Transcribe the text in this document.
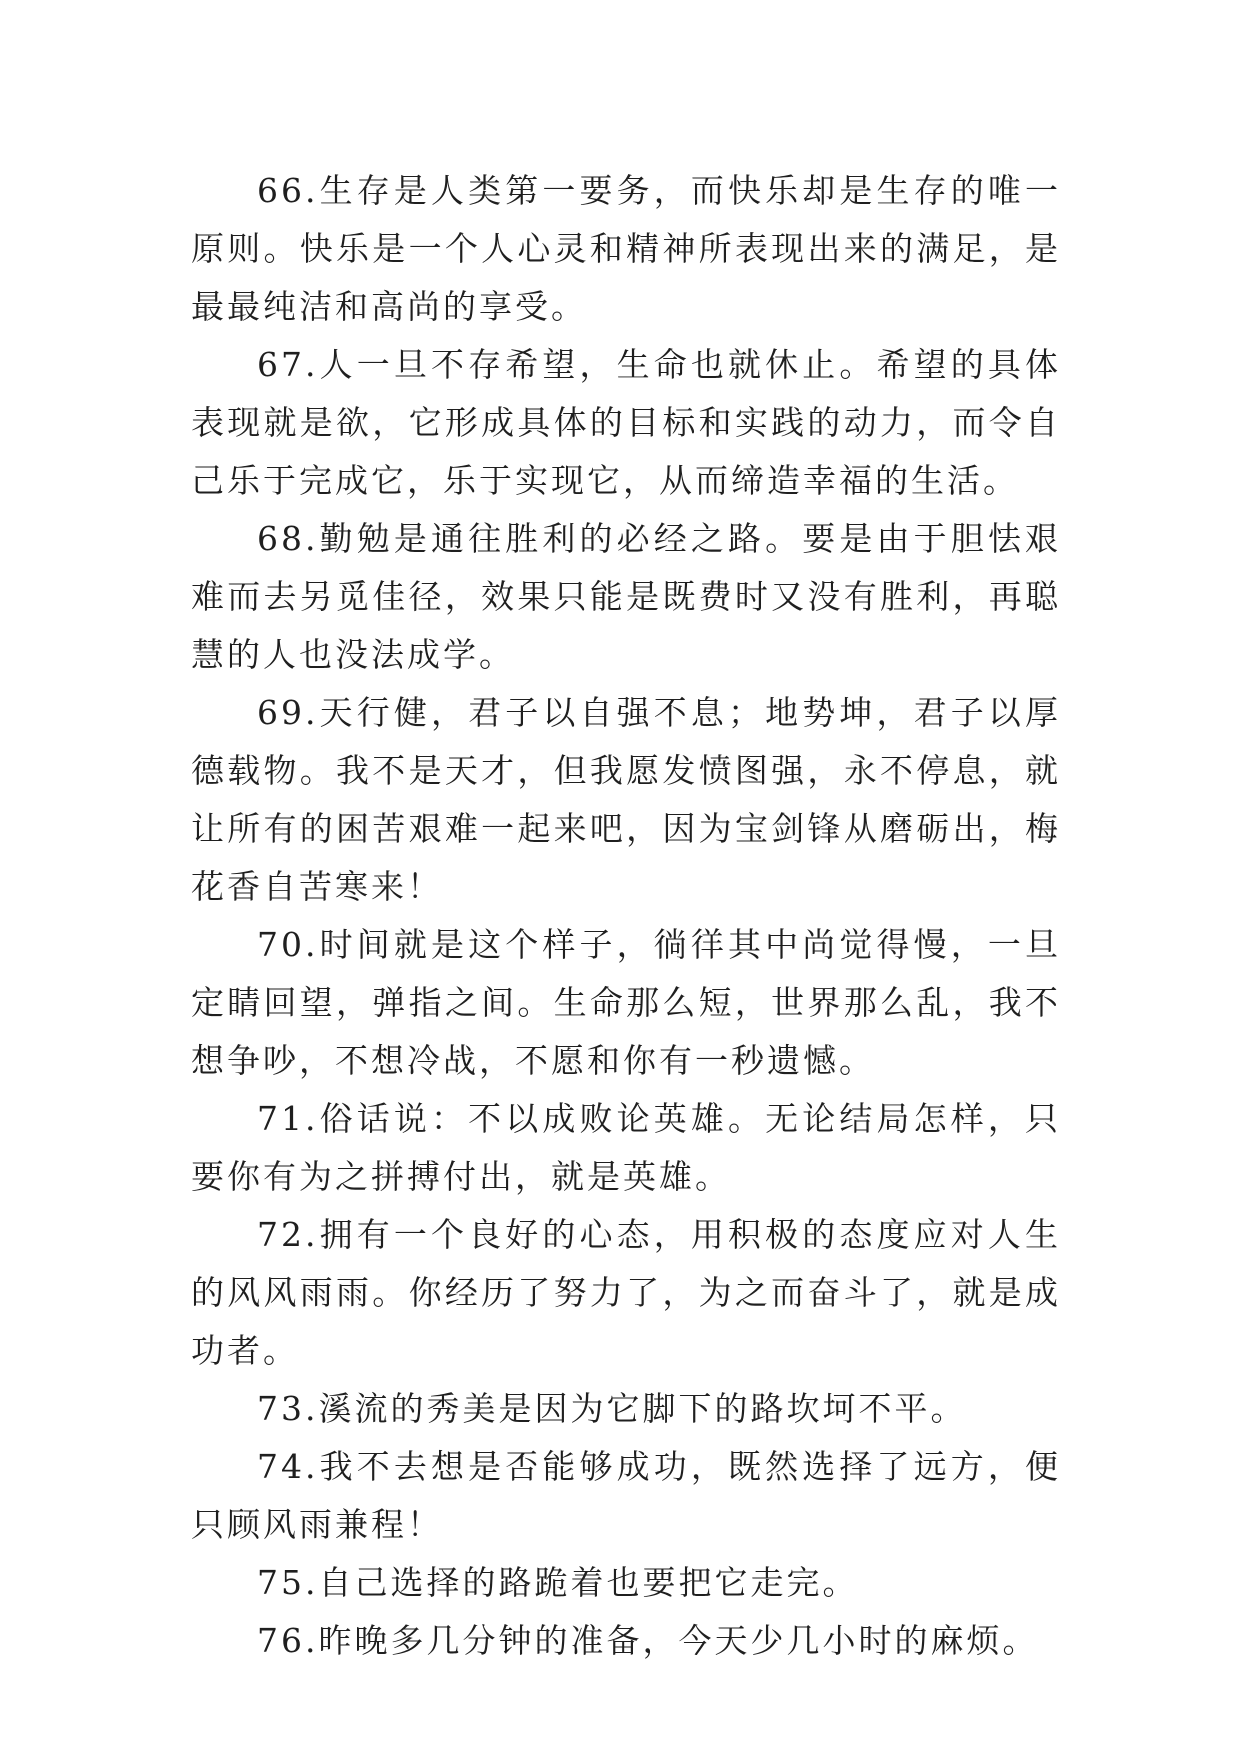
66.生存是人类第一要务，而快乐却是生存的唯一原则。快乐是一个人心灵和精神所表现出来的满足，是最最纯洁和高尚的享受。

67.人一旦不存希望，生命也就休止。希望的具体表现就是欲，它形成具体的目标和实践的动力，而令自己乐于完成它，乐于实现它，从而缔造幸福的生活。

68.勤勉是通往胜利的必经之路。要是由于胆怯艰难而去另觅佳径，效果只能是既费时又没有胜利，再聪慧的人也没法成学。

69.天行健，君子以自强不息；地势坤，君子以厚德载物。我不是天才，但我愿发愤图强，永不停息，就让所有的困苦艰难一起来吧，因为宝剑锋从磨砺出，梅花香自苦寒来！

70.时间就是这个样子，徜徉其中尚觉得慢，一旦定睛回望，弹指之间。生命那么短，世界那么乱，我不想争吵，不想冷战，不愿和你有一秒遗憾。

71.俗话说：不以成败论英雄。无论结局怎样，只要你有为之拼搏付出，就是英雄。

72.拥有一个良好的心态，用积极的态度应对人生的风风雨雨。你经历了努力了，为之而奋斗了，就是成功者。

73.溪流的秀美是因为它脚下的路坎坷不平。

74.我不去想是否能够成功，既然选择了远方，便只顾风雨兼程！

75.自己选择的路跪着也要把它走完。

76.昨晚多几分钟的准备，今天少几小时的麻烦。
